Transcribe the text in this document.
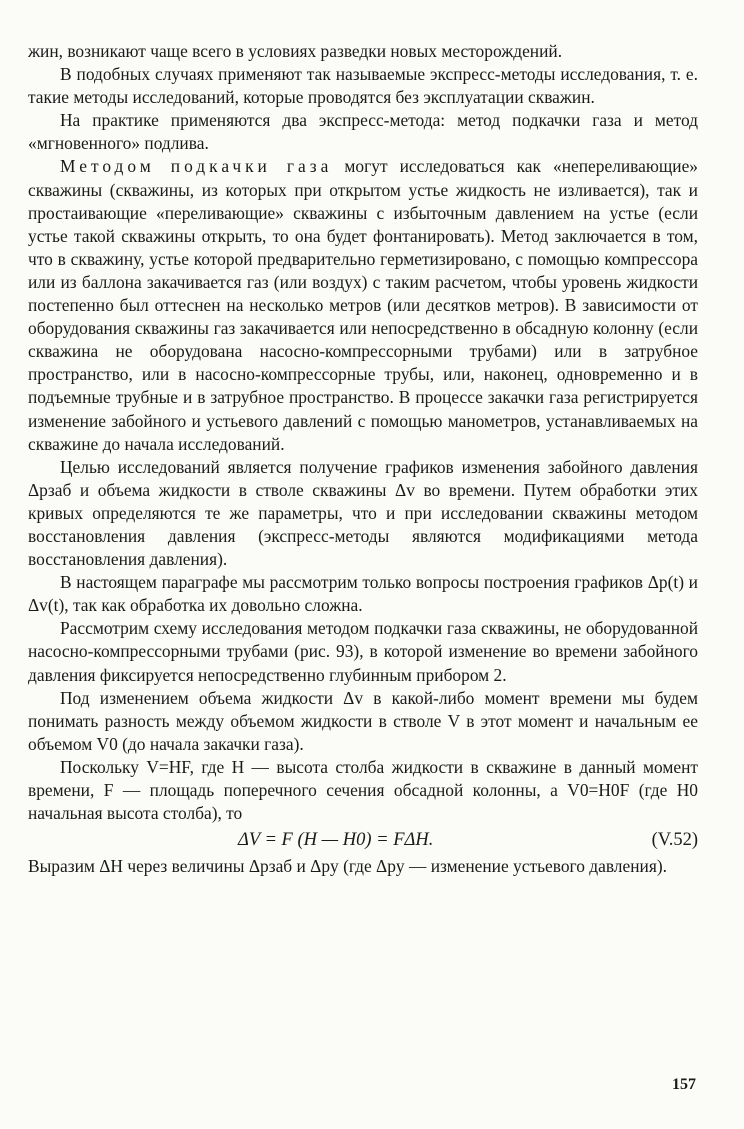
жин, возникают чаще всего в условиях разведки новых месторождений.

В подобных случаях применяют так называемые экспресс-методы исследования, т. е. такие методы исследований, которые проводятся без эксплуатации скважин.

На практике применяются два экспресс-метода: метод подкачки газа и метод «мгновенного» подлива.

Методом подкачки газа могут исследоваться как «непереливающие» скважины (скважины, из которых при открытом устье жидкость не изливается), так и простаивающие «переливающие» скважины с избыточным давлением на устье (если устье такой скважины открыть, то она будет фонтанировать). Метод заключается в том, что в скважину, устье которой предварительно герметизировано, с помощью компрессора или из баллона закачивается газ (или воздух) с таким расчетом, чтобы уровень жидкости постепенно был оттеснен на несколько метров (или десятков метров). В зависимости от оборудования скважины газ закачивается или непосредственно в обсадную колонну (если скважина не оборудована насосно-компрессорными трубами) или в затрубное пространство, или в насосно-компрессорные трубы, или, наконец, одновременно и в подъемные трубные и в затрубное пространство. В процессе закачки газа регистрируется изменение забойного и устьевого давлений с помощью манометров, устанавливаемых на скважине до начала исследований.

Целью исследований является получение графиков изменения забойного давления Δpзаб и объема жидкости в стволе скважины Δv во времени. Путем обработки этих кривых определяются те же параметры, что и при исследовании скважины методом восстановления давления (экспресс-методы являются модификациями метода восстановления давления).

В настоящем параграфе мы рассмотрим только вопросы построения графиков Δp(t) и Δv(t), так как обработка их довольно сложна.

Рассмотрим схему исследования методом подкачки газа скважины, не оборудованной насосно-компрессорными трубами (рис. 93), в которой изменение во времени забойного давления фиксируется непосредственно глубинным прибором 2.

Под изменением объема жидкости Δv в какой-либо момент времени мы будем понимать разность между объемом жидкости в стволе V в этот момент и начальным ее объемом V0 (до начала закачки газа).

Поскольку V=HF, где H — высота столба жидкости в скважине в данный момент времени, F — площадь поперечного сечения обсадной колонны, а V0=H0F (где H0 начальная высота столба), то

ΔV = F (H — H0) = FΔH.	(V.52)

Выразим ΔH через величины Δpзаб и Δpу (где Δpу — изменение устьевого давления).

157
